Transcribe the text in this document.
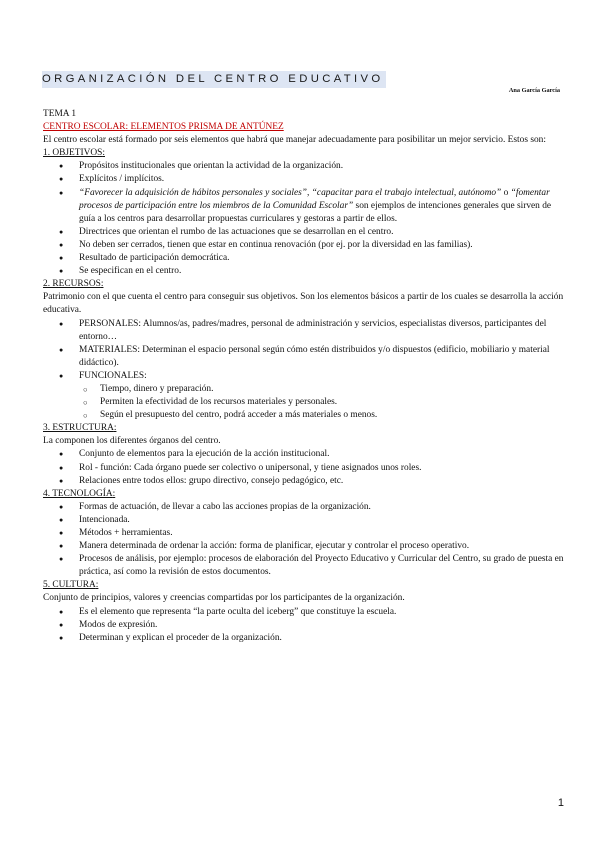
ORGANIZACIÓN DEL CENTRO EDUCATIVO
Ana García García

TEMA 1

CENTRO ESCOLAR: ELEMENTOS PRISMA DE ANTÚNEZ

El centro escolar está formado por seis elementos que habrá que manejar adecuadamente para posibilitar un mejor servicio. Estos son:

1. OBJETIVOS:

● Propósitos institucionales que orientan la actividad de la organización.
● Explícitos / implícitos.
● “Favorecer la adquisición de hábitos personales y sociales”, “capacitar para el trabajo intelectual, autónomo” o “fomentar procesos de participación entre los miembros de la Comunidad Escolar” son ejemplos de intenciones generales que sirven de guía a los centros para desarrollar propuestas curriculares y gestoras a partir de ellos.
● Directrices que orientan el rumbo de las actuaciones que se desarrollan en el centro.
● No deben ser cerrados, tienen que estar en continua renovación (por ej. por la diversidad en las familias).
● Resultado de participación democrática.
● Se especifican en el centro.

2. RECURSOS:

Patrimonio con el que cuenta el centro para conseguir sus objetivos. Son los elementos básicos a partir de los cuales se desarrolla la acción educativa.

● PERSONALES: Alumnos/as, padres/madres, personal de administración y servicios, especialistas diversos, participantes del entorno…
● MATERIALES: Determinan el espacio personal según cómo estén distribuidos y/o dispuestos (edificio, mobiliario y material didáctico).
● FUNCIONALES:
○ Tiempo, dinero y preparación.
○ Permiten la efectividad de los recursos materiales y personales.
○ Según el presupuesto del centro, podrá acceder a más materiales o menos.

3. ESTRUCTURA:

La componen los diferentes órganos del centro.

● Conjunto de elementos para la ejecución de la acción institucional.
● Rol - función: Cada órgano puede ser colectivo o unipersonal, y tiene asignados unos roles.
● Relaciones entre todos ellos: grupo directivo, consejo pedagógico, etc.

4. TECNOLOGÍA:

● Formas de actuación, de llevar a cabo las acciones propias de la organización.
● Intencionada.
● Métodos + herramientas.
● Manera determinada de ordenar la acción: forma de planificar, ejecutar y controlar el proceso operativo.
● Procesos de análisis, por ejemplo: procesos de elaboración del Proyecto Educativo y Curricular del Centro, su grado de puesta en práctica, así como la revisión de estos documentos.

5. CULTURA:

Conjunto de principios, valores y creencias compartidas por los participantes de la organización.

● Es el elemento que representa “la parte oculta del iceberg” que constituye la escuela.
● Modos de expresión.
● Determinan y explican el proceder de la organización.
1
